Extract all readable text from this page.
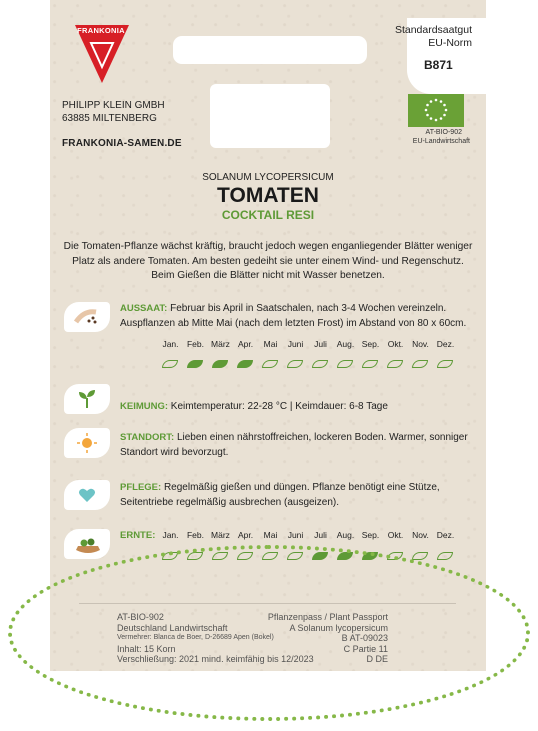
FRANKONIA	Standardsaatgut
EU-Norm
B871
PHILIPP KLEIN GMBH
63885 MILTENBERG
FRANKONIA-SAMEN.DE
AT-BIO-902
EU-Landwirtschaft
SOLANUM LYCOPERSICUM
TOMATEN
COCKTAIL RESI
Die Tomaten-Pflanze wächst kräftig, braucht jedoch wegen enganliegender Blätter weniger Platz als andere Tomaten. Am besten gedeiht sie unter einem Wind- und Regenschutz. Beim Gießen die Blätter nicht mit Wasser benetzen.
AUSSAAT: Februar bis April in Saatschalen, nach 3-4 Wochen vereinzeln. Auspflanzen ab Mitte Mai (nach dem letzten Frost) im Abstand von 80 x 60cm.
Jan. Feb. März Apr. Mai Juni Juli Aug. Sep. Okt. Nov. Dez.
KEIMUNG: Keimtemperatur: 22-28 °C | Keimdauer: 6-8 Tage
STANDORT: Lieben einen nährstoffreichen, lockeren Boden. Warmer, sonniger Standort wird bevorzugt.
PFLEGE: Regelmäßig gießen und düngen. Pflanze benötigt eine Stütze, Seitentriebe regelmäßig ausbrechen (ausgeizen).
ERNTE: Jan. Feb. März Apr. Mai Juni Juli Aug. Sep. Okt. Nov. Dez.
AT-BIO-902
Deutschland Landwirtschaft
Vermehrer: Blanca de Boer, D-26689 Apen (Bokel)
Inhalt: 15 Korn
Verschließung: 2021 mind. keimfähig bis 12/2023
Pflanzenpass / Plant Passport
A Solanum lycopersicum
B AT-09023
C Partie 11
D DE
